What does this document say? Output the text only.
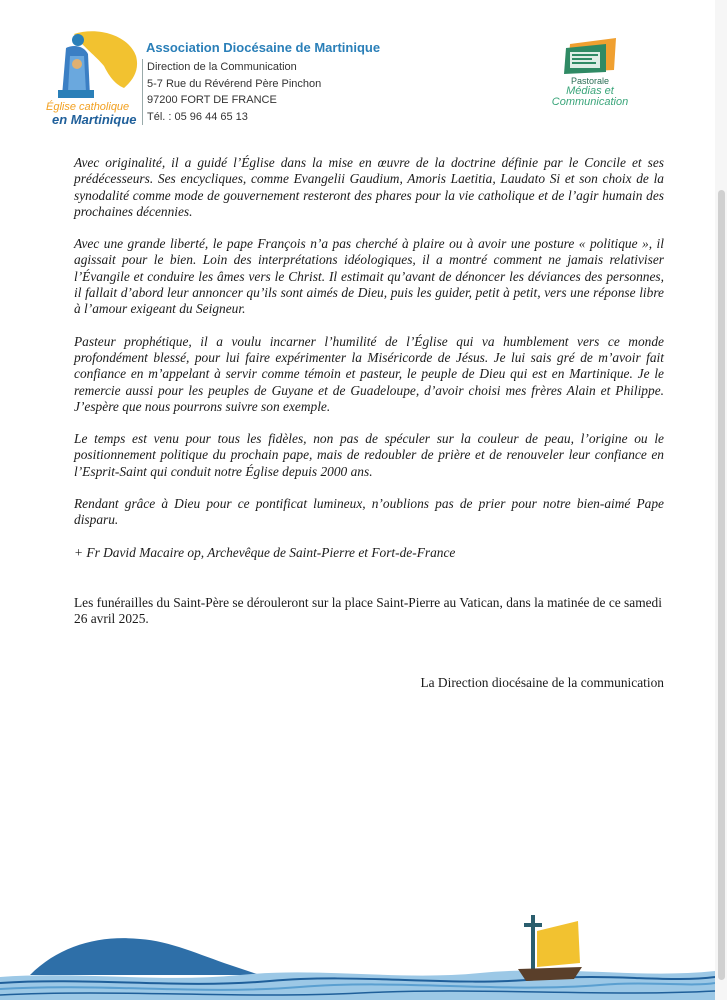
Église catholique
en Martinique
Association Diocésaine de Martinique
Direction de la Communication
5-7 Rue du Révérend Père Pinchon
97200 FORT DE FRANCE
Tél. : 05 96 44 65 13
Pastorale
Médias et
Communication

Avec originalité, il a guidé l’Église dans la mise en œuvre de la doctrine définie par le Concile et ses prédécesseurs. Ses encycliques, comme Evangelii Gaudium, Amoris Laetitia, Laudato Si et son choix de la synodalité comme mode de gouvernement resteront des phares pour la vie catholique et de l’agir humain des prochaines décennies.

Avec une grande liberté, le pape François n’a pas cherché à plaire ou à avoir une posture « politique », il agissait pour le bien. Loin des interprétations idéologiques, il a montré comment ne jamais relativiser l’Évangile et conduire les âmes vers le Christ. Il estimait qu’avant de dénoncer les déviances des personnes, il fallait d’abord leur annoncer qu’ils sont aimés de Dieu, puis les guider, petit à petit, vers une réponse libre à l’amour exigeant du Seigneur.

Pasteur prophétique, il a voulu incarner l’humilité de l’Église qui va humblement vers ce monde profondément blessé, pour lui faire expérimenter la Miséricorde de Jésus. Je lui sais gré de m’avoir fait confiance en m’appelant à servir comme témoin et pasteur, le peuple de Dieu qui est en Martinique. Je le remercie aussi pour les peuples de Guyane et de Guadeloupe, d’avoir choisi mes frères Alain et Philippe. J’espère que nous pourrons suivre son exemple.

Le temps est venu pour tous les fidèles, non pas de spéculer sur la couleur de peau, l’origine ou le positionnement politique du prochain pape, mais de redoubler de prière et de renouveler leur confiance en l’Esprit-Saint qui conduit notre Église depuis 2000 ans.

Rendant grâce à Dieu pour ce pontificat lumineux, n’oublions pas de prier pour notre bien-aimé Pape disparu.

+ Fr David Macaire op, Archevêque de Saint-Pierre et Fort-de-France

Les funérailles du Saint-Père se dérouleront sur la place Saint-Pierre au Vatican, dans la matinée de ce samedi 26 avril 2025.

La Direction diocésaine de la communication
